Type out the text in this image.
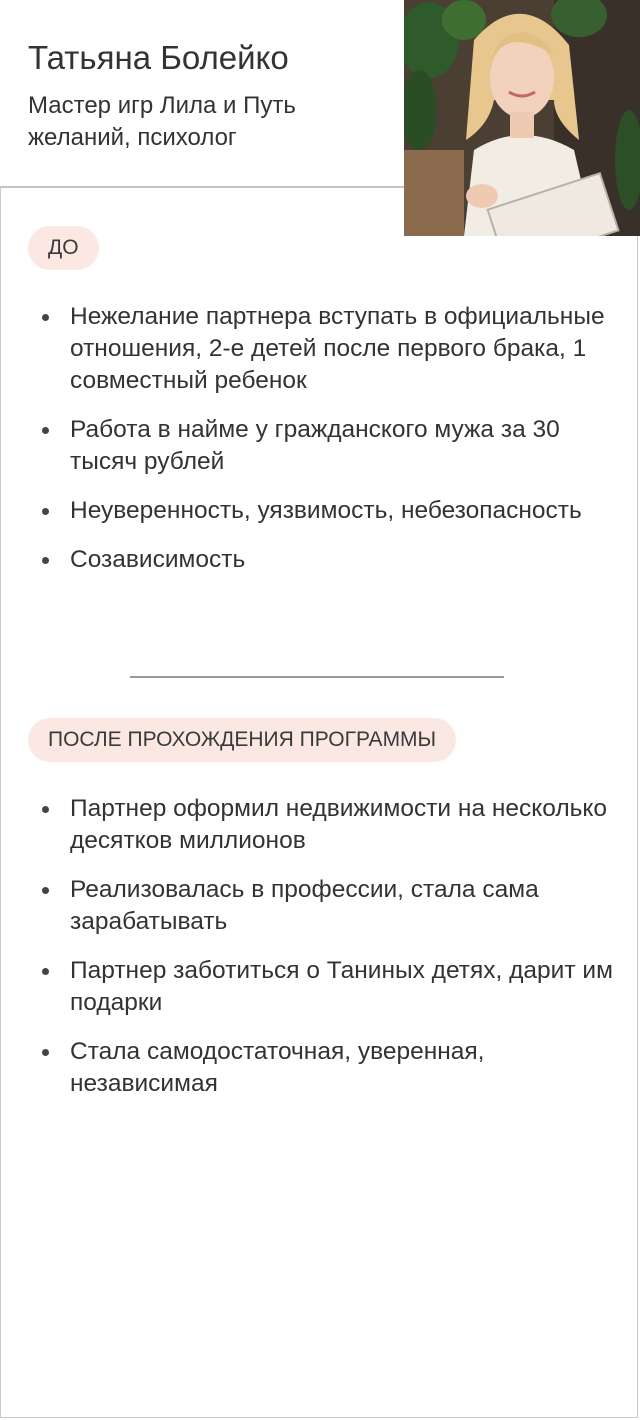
Татьяна Болейко
Мастер игр Лила и Путь желаний, психолог
ДО
Нежелание партнера вступать в официальные отношения, 2-е детей после первого брака, 1 совместный ребенок
Работа в найме у гражданского мужа за 30 тысяч рублей
Неуверенность, уязвимость, небезопасность
Созависимость
ПОСЛЕ ПРОХОЖДЕНИЯ ПРОГРАММЫ
Партнер оформил недвижимости на несколько десятков миллионов
Реализовалась в профессии, стала сама зарабатывать
Партнер заботиться о Таниных детях, дарит им подарки
Стала самодостаточная, уверенная, независимая
